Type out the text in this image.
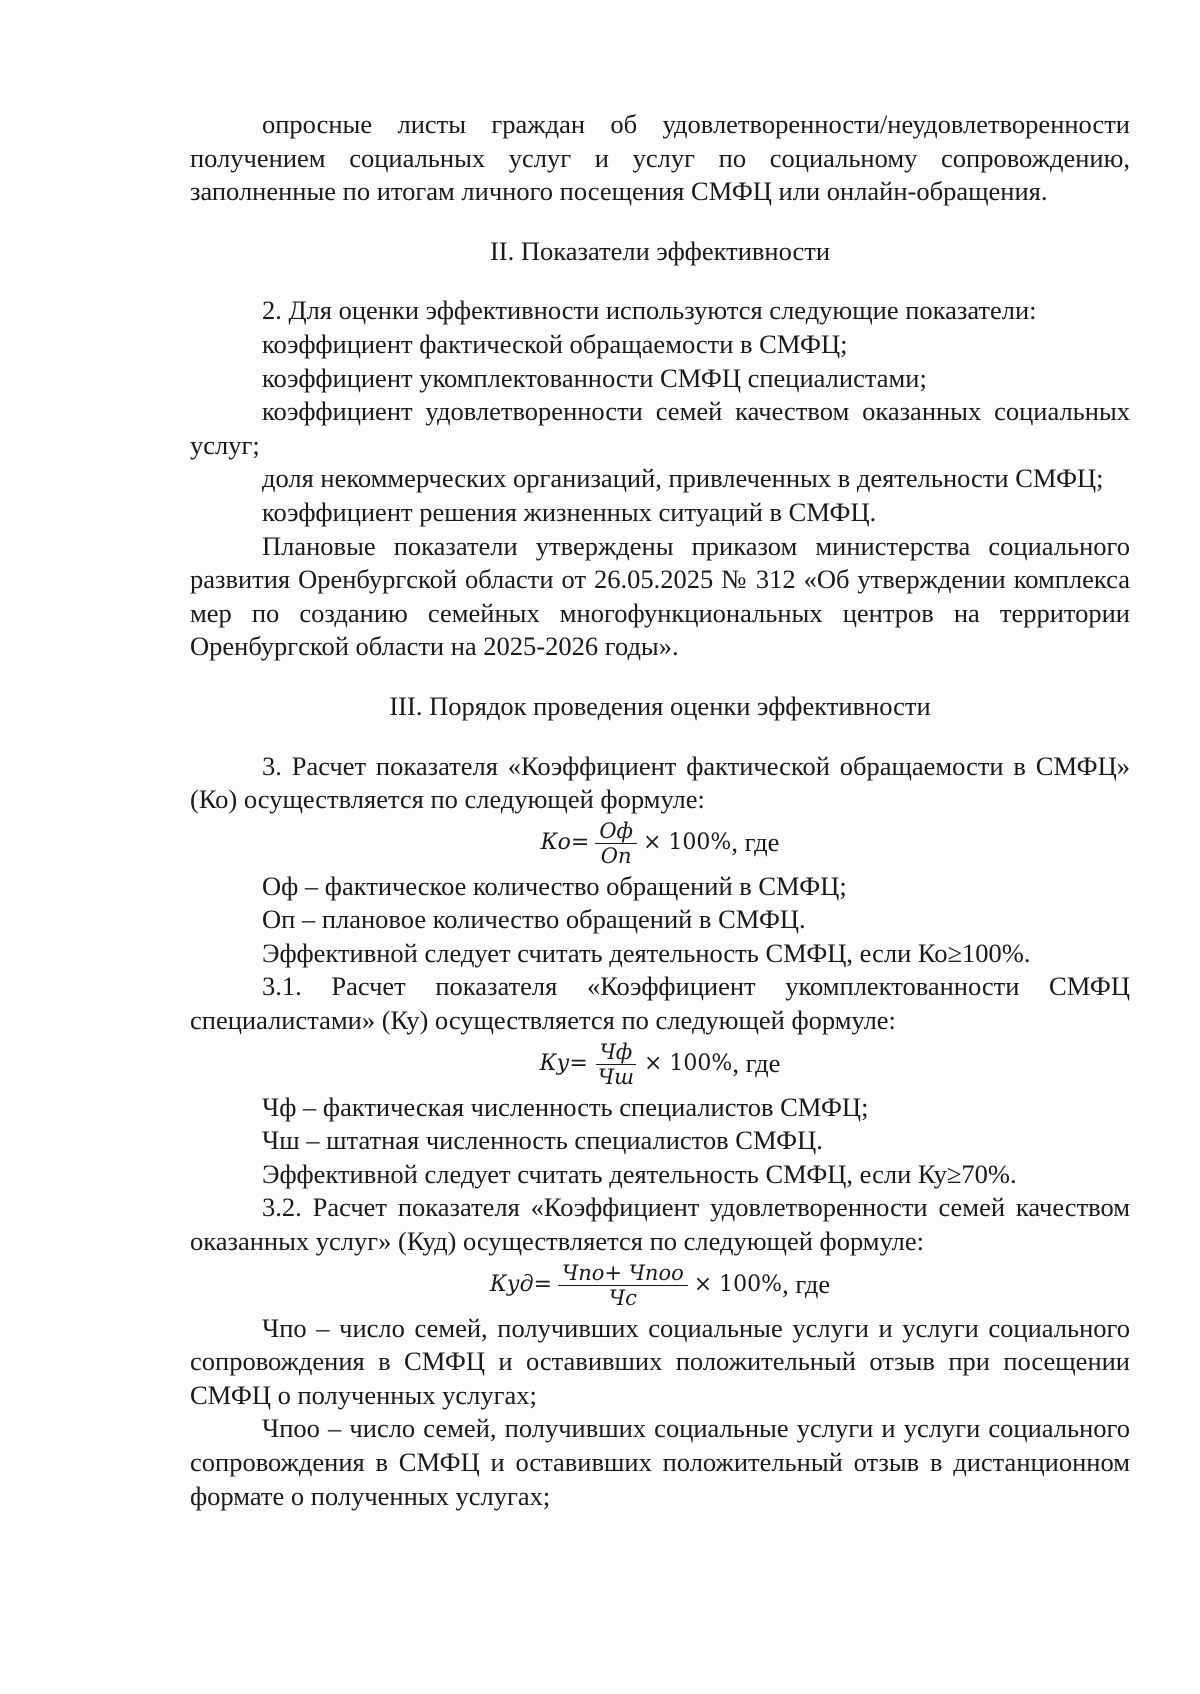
опросные листы граждан об удовлетворенности/неудовлетворенности получением социальных услуг и услуг по социальному сопровождению, заполненные по итогам личного посещения СМФЦ или онлайн-обращения.

II. Показатели эффективности

2. Для оценки эффективности используются следующие показатели:

коэффициент фактической обращаемости в СМФЦ;

коэффициент укомплектованности СМФЦ специалистами;

коэффициент удовлетворенности семей качеством оказанных социальных услуг;

доля некоммерческих организаций, привлеченных в деятельности СМФЦ;

коэффициент решения жизненных ситуаций в СМФЦ.

Плановые показатели утверждены приказом министерства социального развития Оренбургской области от 26.05.2025 № 312 «Об утверждении комплекса мер по созданию семейных многофункциональных центров на территории Оренбургской области на 2025-2026 годы».

III. Порядок проведения оценки эффективности

3. Расчет показателя «Коэффициент фактической обращаемости в СМФЦ» (Ко) осуществляется по следующей формуле:

Ко = $\frac{Оф}{Оп} \times 100\%$ , где

Оф – фактическое количество обращений в СМФЦ;

Оп – плановое количество обращений в СМФЦ.

Эффективной следует считать деятельность СМФЦ, если Ко≥100%.

3.1. Расчет показателя «Коэффициент укомплектованности СМФЦ специалистами» (Ку) осуществляется по следующей формуле:

Ку = $\frac{Чф}{Чш} \times 100\%$ , где

Чф – фактическая численность специалистов СМФЦ;

Чш – штатная численность специалистов СМФЦ.

Эффективной следует считать деятельность СМФЦ, если Ку≥70%.

3.2. Расчет показателя «Коэффициент удовлетворенности семей качеством оказанных услуг» (Куд) осуществляется по следующей формуле:

Куд = $\frac{\text{Чпо+ Чпоо}}{Чс} \times 100\%$ , где

Чпо – число семей, получивших социальные услуги и услуги социального сопровождения в СМФЦ и оставивших положительный отзыв при посещении СМФЦ о полученных услугах;

Чпоо – число семей, получивших социальные услуги и услуги социального сопровождения в СМФЦ и оставивших положительный отзыв в дистанционном формате о полученных услугах;
